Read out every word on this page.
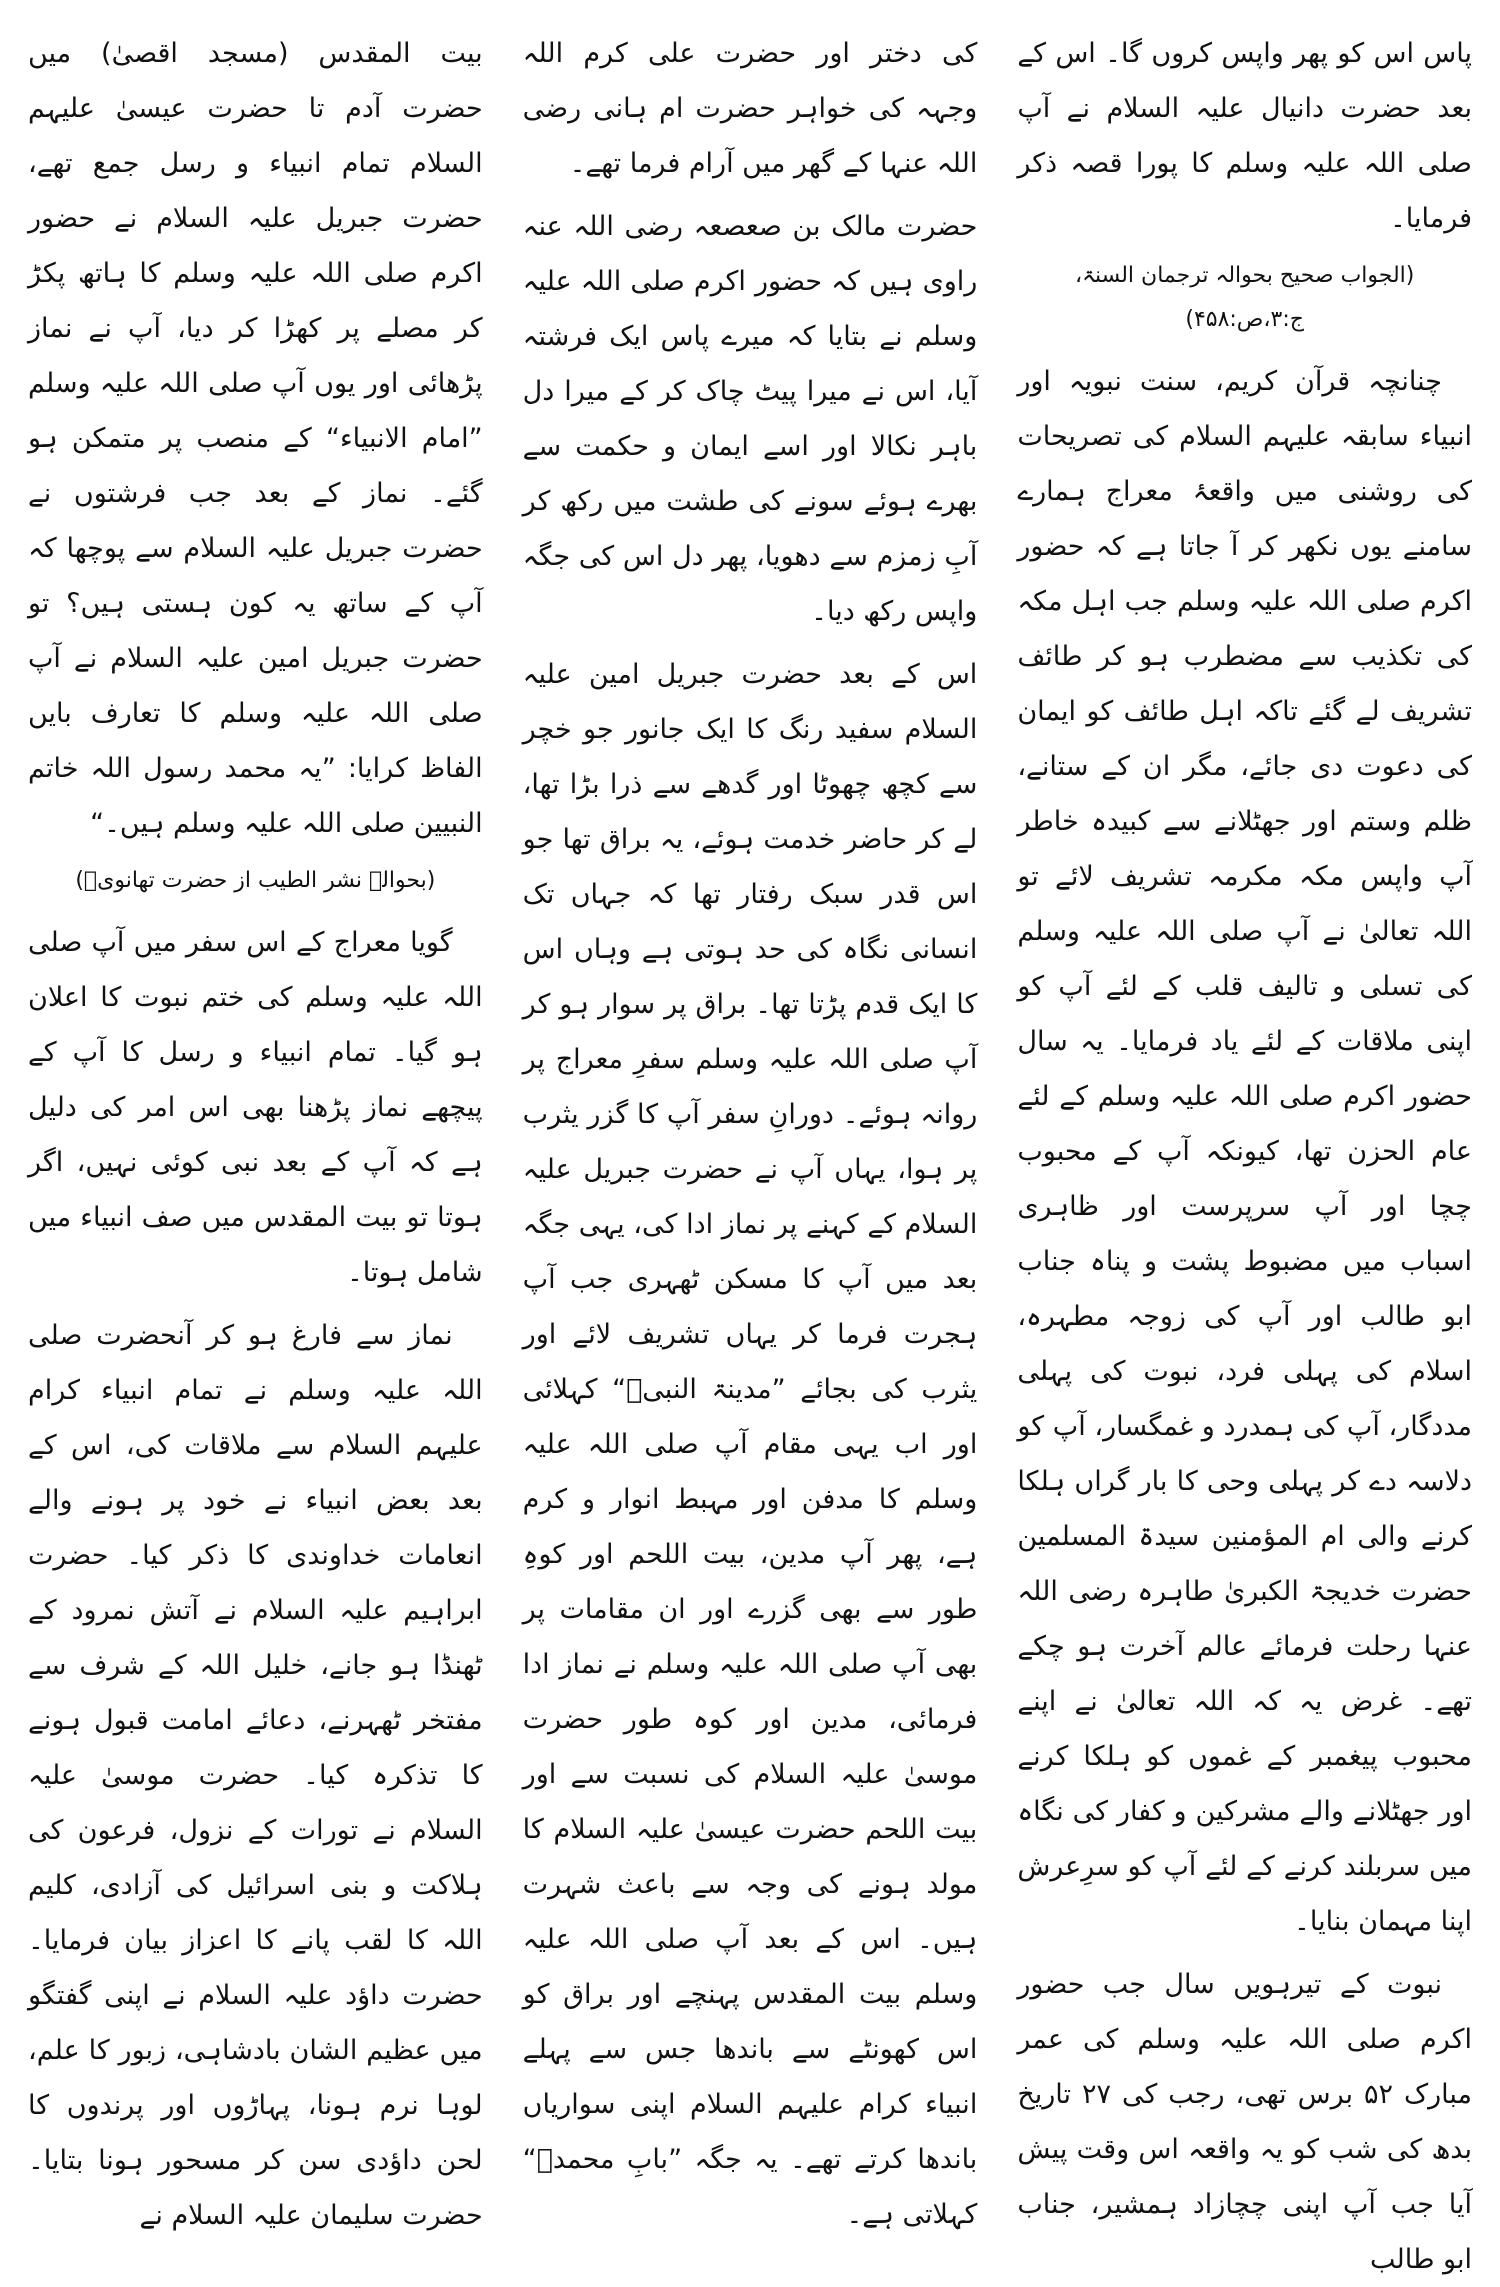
پاس اس کو پھر واپس کروں گا۔ اس کے بعد حضرت دانیال علیہ السلام نے آپ صلی اللہ علیہ وسلم کا پورا قصہ ذکر فرمایا۔

(الجواب صحیح بحوالہ ترجمان السنۃ، ج:۳،ص:۴۵۸)

چنانچہ قرآن کریم، سنت نبویہ اور انبیاء سابقہ علیہم السلام کی تصریحات کی روشنی میں واقعۂ معراج ہمارے سامنے یوں نکھر کر آ جاتا ہے کہ حضور اکرم صلی اللہ علیہ وسلم جب اہل مکہ کی تکذیب سے مضطرب ہو کر طائف تشریف لے گئے تاکہ اہل طائف کو ایمان کی دعوت دی جائے، مگر ان کے ستانے، ظلم وستم اور جھٹلانے سے کبیدہ خاطر آپ واپس مکہ مکرمہ تشریف لائے تو اللہ تعالیٰ نے آپ صلی اللہ علیہ وسلم کی تسلی و تالیف قلب کے لئے آپ کو اپنی ملاقات کے لئے یاد فرمایا۔ یہ سال حضور اکرم صلی اللہ علیہ وسلم کے لئے عام الحزن تھا، کیونکہ آپ کے محبوب چچا اور آپ سرپرست اور ظاہری اسباب میں مضبوط پشت و پناہ جناب ابو طالب اور آپ کی زوجہ مطہرہ، اسلام کی پہلی فرد، نبوت کی پہلی مددگار، آپ کی ہمدرد و غمگسار، آپ کو دلاسہ دے کر پہلی وحی کا بار گراں ہلکا کرنے والی ام المؤمنین سیدۃ المسلمین حضرت خدیجۃ الکبریٰ طاہرہ رضی اللہ عنہا رحلت فرمائے عالم آخرت ہو چکے تھے۔ غرض یہ کہ اللہ تعالیٰ نے اپنے محبوب پیغمبر کے غموں کو ہلکا کرنے اور جھٹلانے والے مشرکین و کفار کی نگاہ میں سربلند کرنے کے لئے آپ کو سرِعرش اپنا مہمان بنایا۔

نبوت کے تیرہویں سال جب حضور اکرم صلی اللہ علیہ وسلم کی عمر مبارک ۵۲ برس تھی، رجب کی ۲۷ تاریخ بدھ کی شب کو یہ واقعہ اس وقت پیش آیا جب آپ اپنی چچازاد ہمشیر، جناب ابو طالب

کی دختر اور حضرت علی کرم اللہ وجہہ کی خواہر حضرت ام ہانی رضی اللہ عنہا کے گھر میں آرام فرما تھے۔

حضرت مالک بن صعصعہ رضی اللہ عنہ راوی ہیں کہ حضور اکرم صلی اللہ علیہ وسلم نے بتایا کہ میرے پاس ایک فرشتہ آیا، اس نے میرا پیٹ چاک کر کے میرا دل باہر نکالا اور اسے ایمان و حکمت سے بھرے ہوئے سونے کی طشت میں رکھ کر آبِ زمزم سے دھویا، پھر دل اس کی جگہ واپس رکھ دیا۔

اس کے بعد حضرت جبریل امین علیہ السلام سفید رنگ کا ایک جانور جو خچر سے کچھ چھوٹا اور گدھے سے ذرا بڑا تھا، لے کر حاضر خدمت ہوئے، یہ براق تھا جو اس قدر سبک رفتار تھا کہ جہاں تک انسانی نگاہ کی حد ہوتی ہے وہاں اس کا ایک قدم پڑتا تھا۔ براق پر سوار ہو کر آپ صلی اللہ علیہ وسلم سفرِ معراج پر روانہ ہوئے۔ دورانِ سفر آپ کا گزر یثرب پر ہوا، یہاں آپ نے حضرت جبریل علیہ السلام کے کہنے پر نماز ادا کی، یہی جگہ بعد میں آپ کا مسکن ٹھہری جب آپ ہجرت فرما کر یہاں تشریف لائے اور یثرب کی بجائے ”مدینۃ النبیؐ“ کہلائی اور اب یہی مقام آپ صلی اللہ علیہ وسلم کا مدفن اور مہبط انوار و کرم ہے، پھر آپ مدین، بیت اللحم اور کوہِ طور سے بھی گزرے اور ان مقامات پر بھی آپ صلی اللہ علیہ وسلم نے نماز ادا فرمائی، مدین اور کوہ طور حضرت موسیٰ علیہ السلام کی نسبت سے اور بیت اللحم حضرت عیسیٰ علیہ السلام کا مولد ہونے کی وجہ سے باعث شہرت ہیں۔ اس کے بعد آپ صلی اللہ علیہ وسلم بیت المقدس پہنچے اور براق کو اس کھونٹے سے باندھا جس سے پہلے انبیاء کرام علیہم السلام اپنی سواریاں باندھا کرتے تھے۔ یہ جگہ ”بابِ محمدؐ“ کہلاتی ہے۔

بیت المقدس (مسجد اقصیٰ) میں حضرت آدم تا حضرت عیسیٰ علیہم السلام تمام انبیاء و رسل جمع تھے، حضرت جبریل علیہ السلام نے حضور اکرم صلی اللہ علیہ وسلم کا ہاتھ پکڑ کر مصلے پر کھڑا کر دیا، آپ نے نماز پڑھائی اور یوں آپ صلی اللہ علیہ وسلم ”امام الانبیاء“ کے منصب پر متمکن ہو گئے۔ نماز کے بعد جب فرشتوں نے حضرت جبریل علیہ السلام سے پوچھا کہ آپ کے ساتھ یہ کون ہستی ہیں؟ تو حضرت جبریل امین علیہ السلام نے آپ صلی اللہ علیہ وسلم کا تعارف بایں الفاظ کرایا: ”یہ محمد رسول اللہ خاتم النبیین صلی اللہ علیہ وسلم ہیں۔“

(بحوالہ نشر الطیب از حضرت تھانویؒ)

گویا معراج کے اس سفر میں آپ صلی اللہ علیہ وسلم کی ختم نبوت کا اعلان ہو گیا۔ تمام انبیاء و رسل کا آپ کے پیچھے نماز پڑھنا بھی اس امر کی دلیل ہے کہ آپ کے بعد نبی کوئی نہیں، اگر ہوتا تو بیت المقدس میں صف انبیاء میں شامل ہوتا۔

نماز سے فارغ ہو کر آنحضرت صلی اللہ علیہ وسلم نے تمام انبیاء کرام علیہم السلام سے ملاقات کی، اس کے بعد بعض انبیاء نے خود پر ہونے والے انعامات خداوندی کا ذکر کیا۔ حضرت ابراہیم علیہ السلام نے آتش نمرود کے ٹھنڈا ہو جانے، خلیل اللہ کے شرف سے مفتخر ٹھہرنے، دعائے امامت قبول ہونے کا تذکرہ کیا۔ حضرت موسیٰ علیہ السلام نے تورات کے نزول، فرعون کی ہلاکت و بنی اسرائیل کی آزادی، کلیم اللہ کا لقب پانے کا اعزاز بیان فرمایا۔ حضرت داؤد علیہ السلام نے اپنی گفتگو میں عظیم الشان بادشاہی، زبور کا علم، لوہا نرم ہونا، پہاڑوں اور پرندوں کا لحن داؤدی سن کر مسحور ہونا بتایا۔ حضرت سلیمان علیہ السلام نے
